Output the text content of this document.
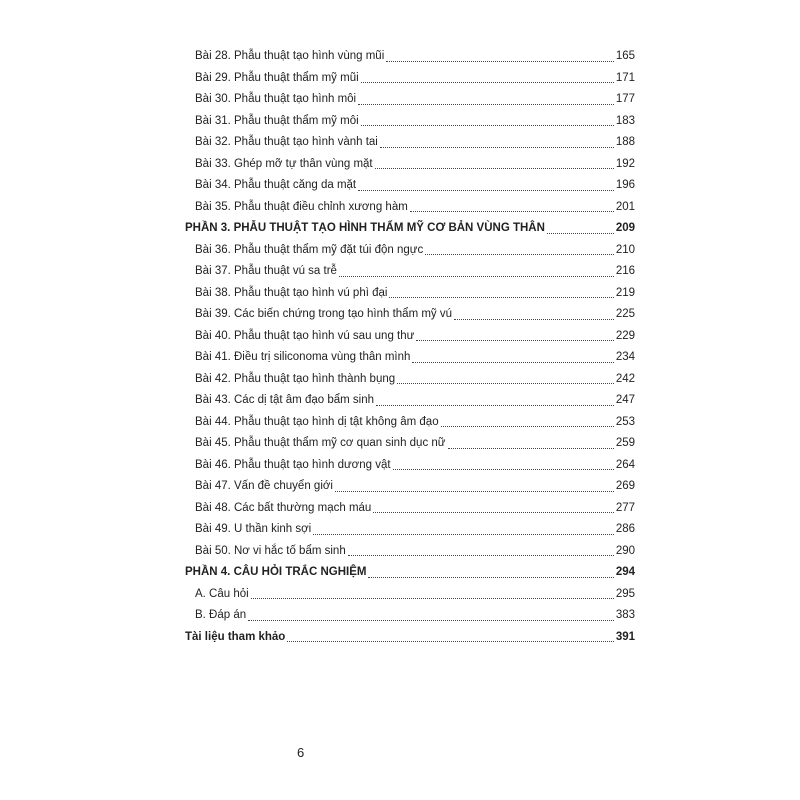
Bài 28. Phẫu thuật tạo hình vùng mũi	165
Bài 29. Phẫu thuật thẩm mỹ mũi	171
Bài 30. Phẫu thuật tạo hình môi	177
Bài 31. Phẫu thuật thẩm mỹ môi	183
Bài 32. Phẫu thuật tạo hình vành tai	188
Bài 33. Ghép mỡ tự thân vùng mặt	192
Bài 34. Phẫu thuật căng da mặt	196
Bài 35. Phẫu thuật điều chỉnh xương hàm	201
PHẦN 3. PHẪU THUẬT TẠO HÌNH THẨM MỸ CƠ BẢN VÙNG THÂN	209
Bài 36. Phẫu thuật thẩm mỹ đặt túi độn ngực	210
Bài 37. Phẫu thuật vú sa trễ	216
Bài 38. Phẫu thuật tạo hình vú phì đại	219
Bài 39. Các biến chứng trong tạo hình thẩm mỹ vú	225
Bài 40. Phẫu thuật tạo hình vú sau ung thư	229
Bài 41. Điều trị siliconoma vùng thân mình	234
Bài 42. Phẫu thuật tạo hình thành bụng	242
Bài 43. Các dị tật âm đạo bẩm sinh	247
Bài 44. Phẫu thuật tạo hình dị tật không âm đạo	253
Bài 45. Phẫu thuật thẩm mỹ cơ quan sinh dục nữ	259
Bài 46. Phẫu thuật tạo hình dương vật	264
Bài 47. Vấn đề chuyển giới	269
Bài 48. Các bất thường mạch máu	277
Bài 49. U thần kinh sợi	286
Bài 50. Nơ vi hắc tố bẩm sinh	290
PHẦN 4. CÂU HỎI TRẮC NGHIỆM	294
A. Câu hỏi	295
B. Đáp án	383
Tài liệu tham khảo	391
6
